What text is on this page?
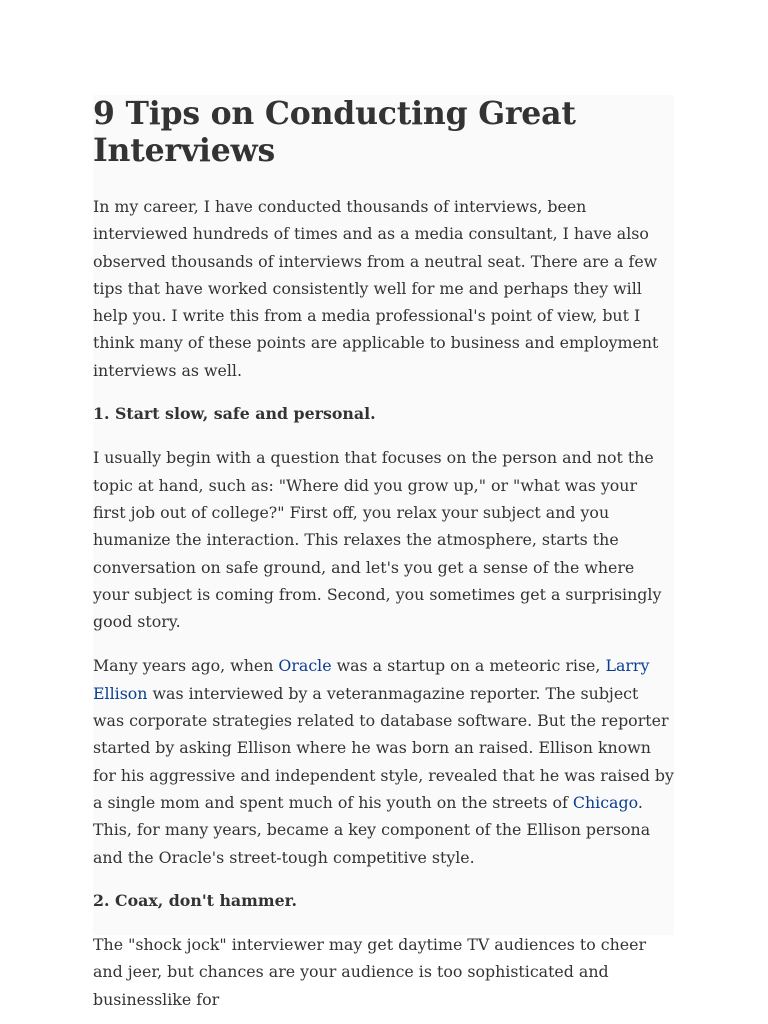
9 Tips on Conducting Great
Interviews

In my career, I have conducted thousands of interviews, been interviewed hundreds of times and as a media consultant, I have also observed thousands of interviews from a neutral seat. There are a few tips that have worked consistently well for me and perhaps they will help you. I write this from a media professional's point of view, but I think many of these points are applicable to business and employment interviews as well.

1. Start slow, safe and personal.

I usually begin with a question that focuses on the person and not the topic at hand, such as: "Where did you grow up," or "what was your first job out of college?" First off, you relax your subject and you humanize the interaction. This relaxes the atmosphere, starts the conversation on safe ground, and let's you get a sense of the where your subject is coming from. Second, you sometimes get a surprisingly good story.

Many years ago, when Oracle was a startup on a meteoric rise, Larry Ellison was interviewed by a veteranmagazine reporter. The subject was corporate strategies related to database software. But the reporter started by asking Ellison where he was born an raised. Ellison known for his aggressive and independent style, revealed that he was raised by a single mom and spent much of his youth on the streets of Chicago. This, for many years, became a key component of the Ellison persona and the Oracle's street-tough competitive style.

2. Coax, don't hammer.

The "shock jock" interviewer may get daytime TV audiences to cheer and jeer, but chances are your audience is too sophisticated and businesslike for
